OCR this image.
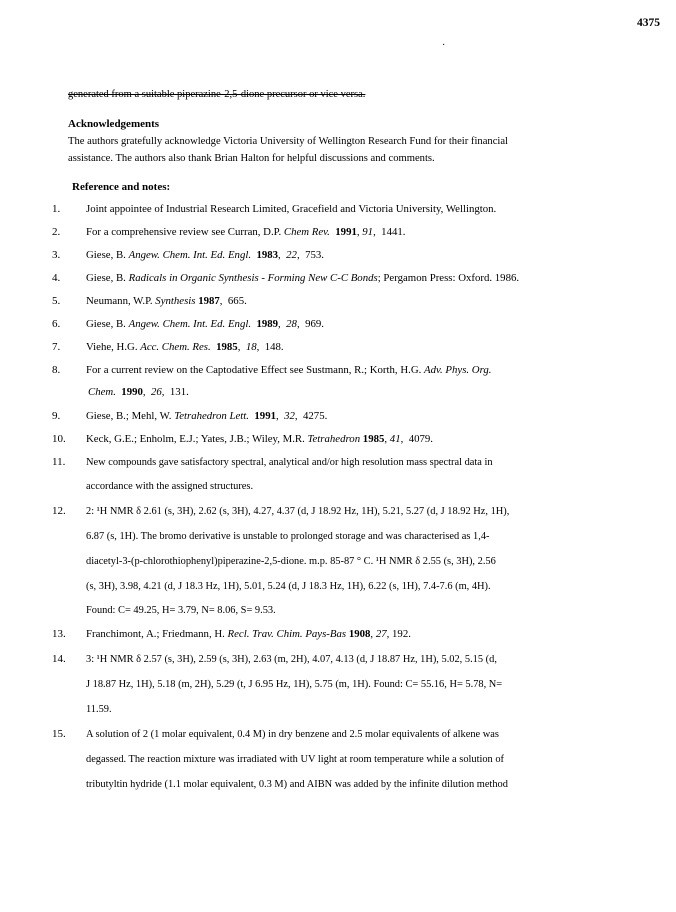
4375
·
generated from a suitable piperazine-2,5-dione precursor or vice versa.
Acknowledgements
The authors gratefully acknowledge Victoria University of Wellington Research Fund for their financial
assistance. The authors also thank Brian Halton for helpful discussions and comments.
Reference and notes:
1. Joint appointee of Industrial Research Limited, Gracefield and Victoria University, Wellington.
2. For a comprehensive review see Curran, D.P. Chem Rev. 1991, 91,  1441.
3. Giese, B. Angew. Chem. Int. Ed. Engl. 1983,  22,  753.
4. Giese, B. Radicals in Organic Synthesis - Forming New C-C Bonds; Pergamon Press: Oxford. 1986.
5. Neumann, W.P. Synthesis 1987,  665.
6. Giese, B. Angew. Chem. Int. Ed. Engl. 1989,  28,  969.
7. Viehe, H.G. Acc. Chem. Res. 1985,  18,  148.
8. For a current review on the Captodative Effect see Sustmann, R.; Korth, H.G. Adv. Phys. Org.
Chem. 1990,  26,  131.
9. Giese, B.; Mehl, W. Tetrahedron Lett. 1991,  32,  4275.
10. Keck, G.E.; Enholm, E.J.; Yates, J.B.; Wiley, M.R. Tetrahedron 1985, 41,  4079.
11. New compounds gave satisfactory spectral, analytical and/or high resolution mass spectral data in
accordance with the assigned structures.
12. 2: ¹H NMR δ 2.61 (s, 3H), 2.62 (s, 3H), 4.27, 4.37 (d, J 18.92 Hz, 1H), 5.21, 5.27 (d, J 18.92 Hz, 1H),
6.87 (s, 1H). The bromo derivative is unstable to prolonged storage and was characterised as 1,4-
diacetyl-3-(p-chlorothiophenyl)piperazine-2,5-dione. m.p. 85-87 ° C. ¹H NMR δ 2.55 (s, 3H), 2.56
(s, 3H), 3.98, 4.21 (d, J 18.3 Hz, 1H), 5.01, 5.24 (d, J 18.3 Hz, 1H), 6.22 (s, 1H), 7.4-7.6 (m, 4H).
Found: C= 49.25, H= 3.79, N= 8.06, S= 9.53.
13. Franchimont, A.; Friedmann, H. Recl. Trav. Chim. Pays-Bas 1908, 27, 192.
14. 3: ¹H NMR δ 2.57 (s, 3H), 2.59 (s, 3H), 2.63 (m, 2H), 4.07, 4.13 (d, J 18.87 Hz, 1H), 5.02, 5.15 (d,
J 18.87 Hz, 1H), 5.18 (m, 2H), 5.29 (t, J 6.95 Hz, 1H), 5.75 (m, 1H). Found: C= 55.16, H= 5.78, N=
11.59.
15. A solution of 2 (1 molar equivalent, 0.4 M) in dry benzene and 2.5 molar equivalents of alkene was
degassed. The reaction mixture was irradiated with UV light at room temperature while a solution of
tributyltin hydride (1.1 molar equivalent, 0.3 M) and AIBN was added by the infinite dilution method
